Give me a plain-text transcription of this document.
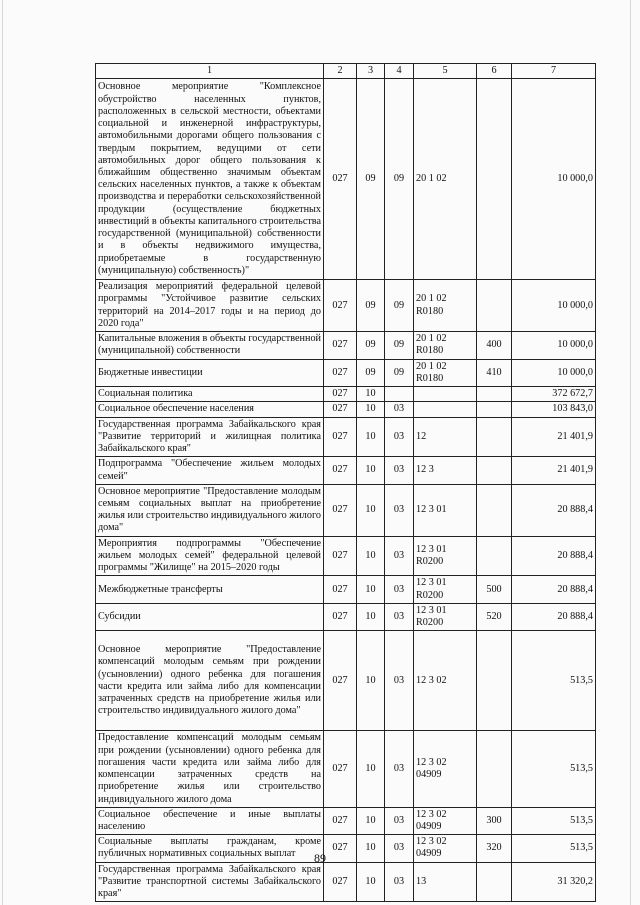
1	2	3	4	5	6	7
Основное мероприятие "Комплексное обустройство населенных пунктов, расположенных в сельской местности, объектами социальной и инженерной инфраструктуры, автомобильными дорогами общего пользования с твердым покрытием, ведущими от сети автомобильных дорог общего пользования к ближайшим общественно значимым объектам сельских населенных пунктов, а также к объектам производства и переработки сельскохозяйственной продукции (осуществление бюджетных инвестиций в объекты капитального строительства государственной (муниципальной) собственности и в объекты недвижимого имущества, приобретаемые в государственную (муниципальную) собственность)"	027	09	09	20 1 02		10 000,0
Реализация мероприятий федеральной целевой программы "Устойчивое развитие сельских территорий на 2014–2017 годы и на период до 2020 года"	027	09	09	20 1 02 R0180		10 000,0
Капитальные вложения в объекты государственной (муниципальной) собственности	027	09	09	20 1 02 R0180	400	10 000,0
Бюджетные инвестиции	027	09	09	20 1 02 R0180	410	10 000,0
Социальная политика	027	10				372 672,7
Социальное обеспечение населения	027	10	03			103 843,0
Государственная программа Забайкальского края "Развитие территорий и жилищная политика Забайкальского края"	027	10	03	12		21 401,9
Подпрограмма "Обеспечение жильем молодых семей"	027	10	03	12 3		21 401,9
Основное мероприятие "Предоставление молодым семьям социальных выплат на приобретение жилья или строительство индивидуального жилого дома"	027	10	03	12 3 01		20 888,4
Мероприятия подпрограммы "Обеспечение жильем молодых семей" федеральной целевой программы "Жилище" на 2015–2020 годы	027	10	03	12 3 01 R0200		20 888,4
Межбюджетные трансферты	027	10	03	12 3 01 R0200	500	20 888,4
Субсидии	027	10	03	12 3 01 R0200	520	20 888,4
Основное мероприятие "Предоставление компенсаций молодым семьям при рождении (усыновлении) одного ребенка для погашения части кредита или займа либо для компенсации затраченных средств на приобретение жилья или строительство индивидуального жилого дома"	027	10	03	12 3 02		513,5
Предоставление компенсаций молодым семьям при рождении (усыновлении) одного ребенка для погашения части кредита или займа либо для компенсации затраченных средств на приобретение жилья или строительство индивидуального жилого дома	027	10	03	12 3 02 04909		513,5
Социальное обеспечение и иные выплаты населению	027	10	03	12 3 02 04909	300	513,5
Социальные выплаты гражданам, кроме публичных нормативных социальных выплат	027	10	03	12 3 02 04909	320	513,5
Государственная программа Забайкальского края "Развитие транспортной системы Забайкальского края"	027	10	03	13		31 320,2
89
